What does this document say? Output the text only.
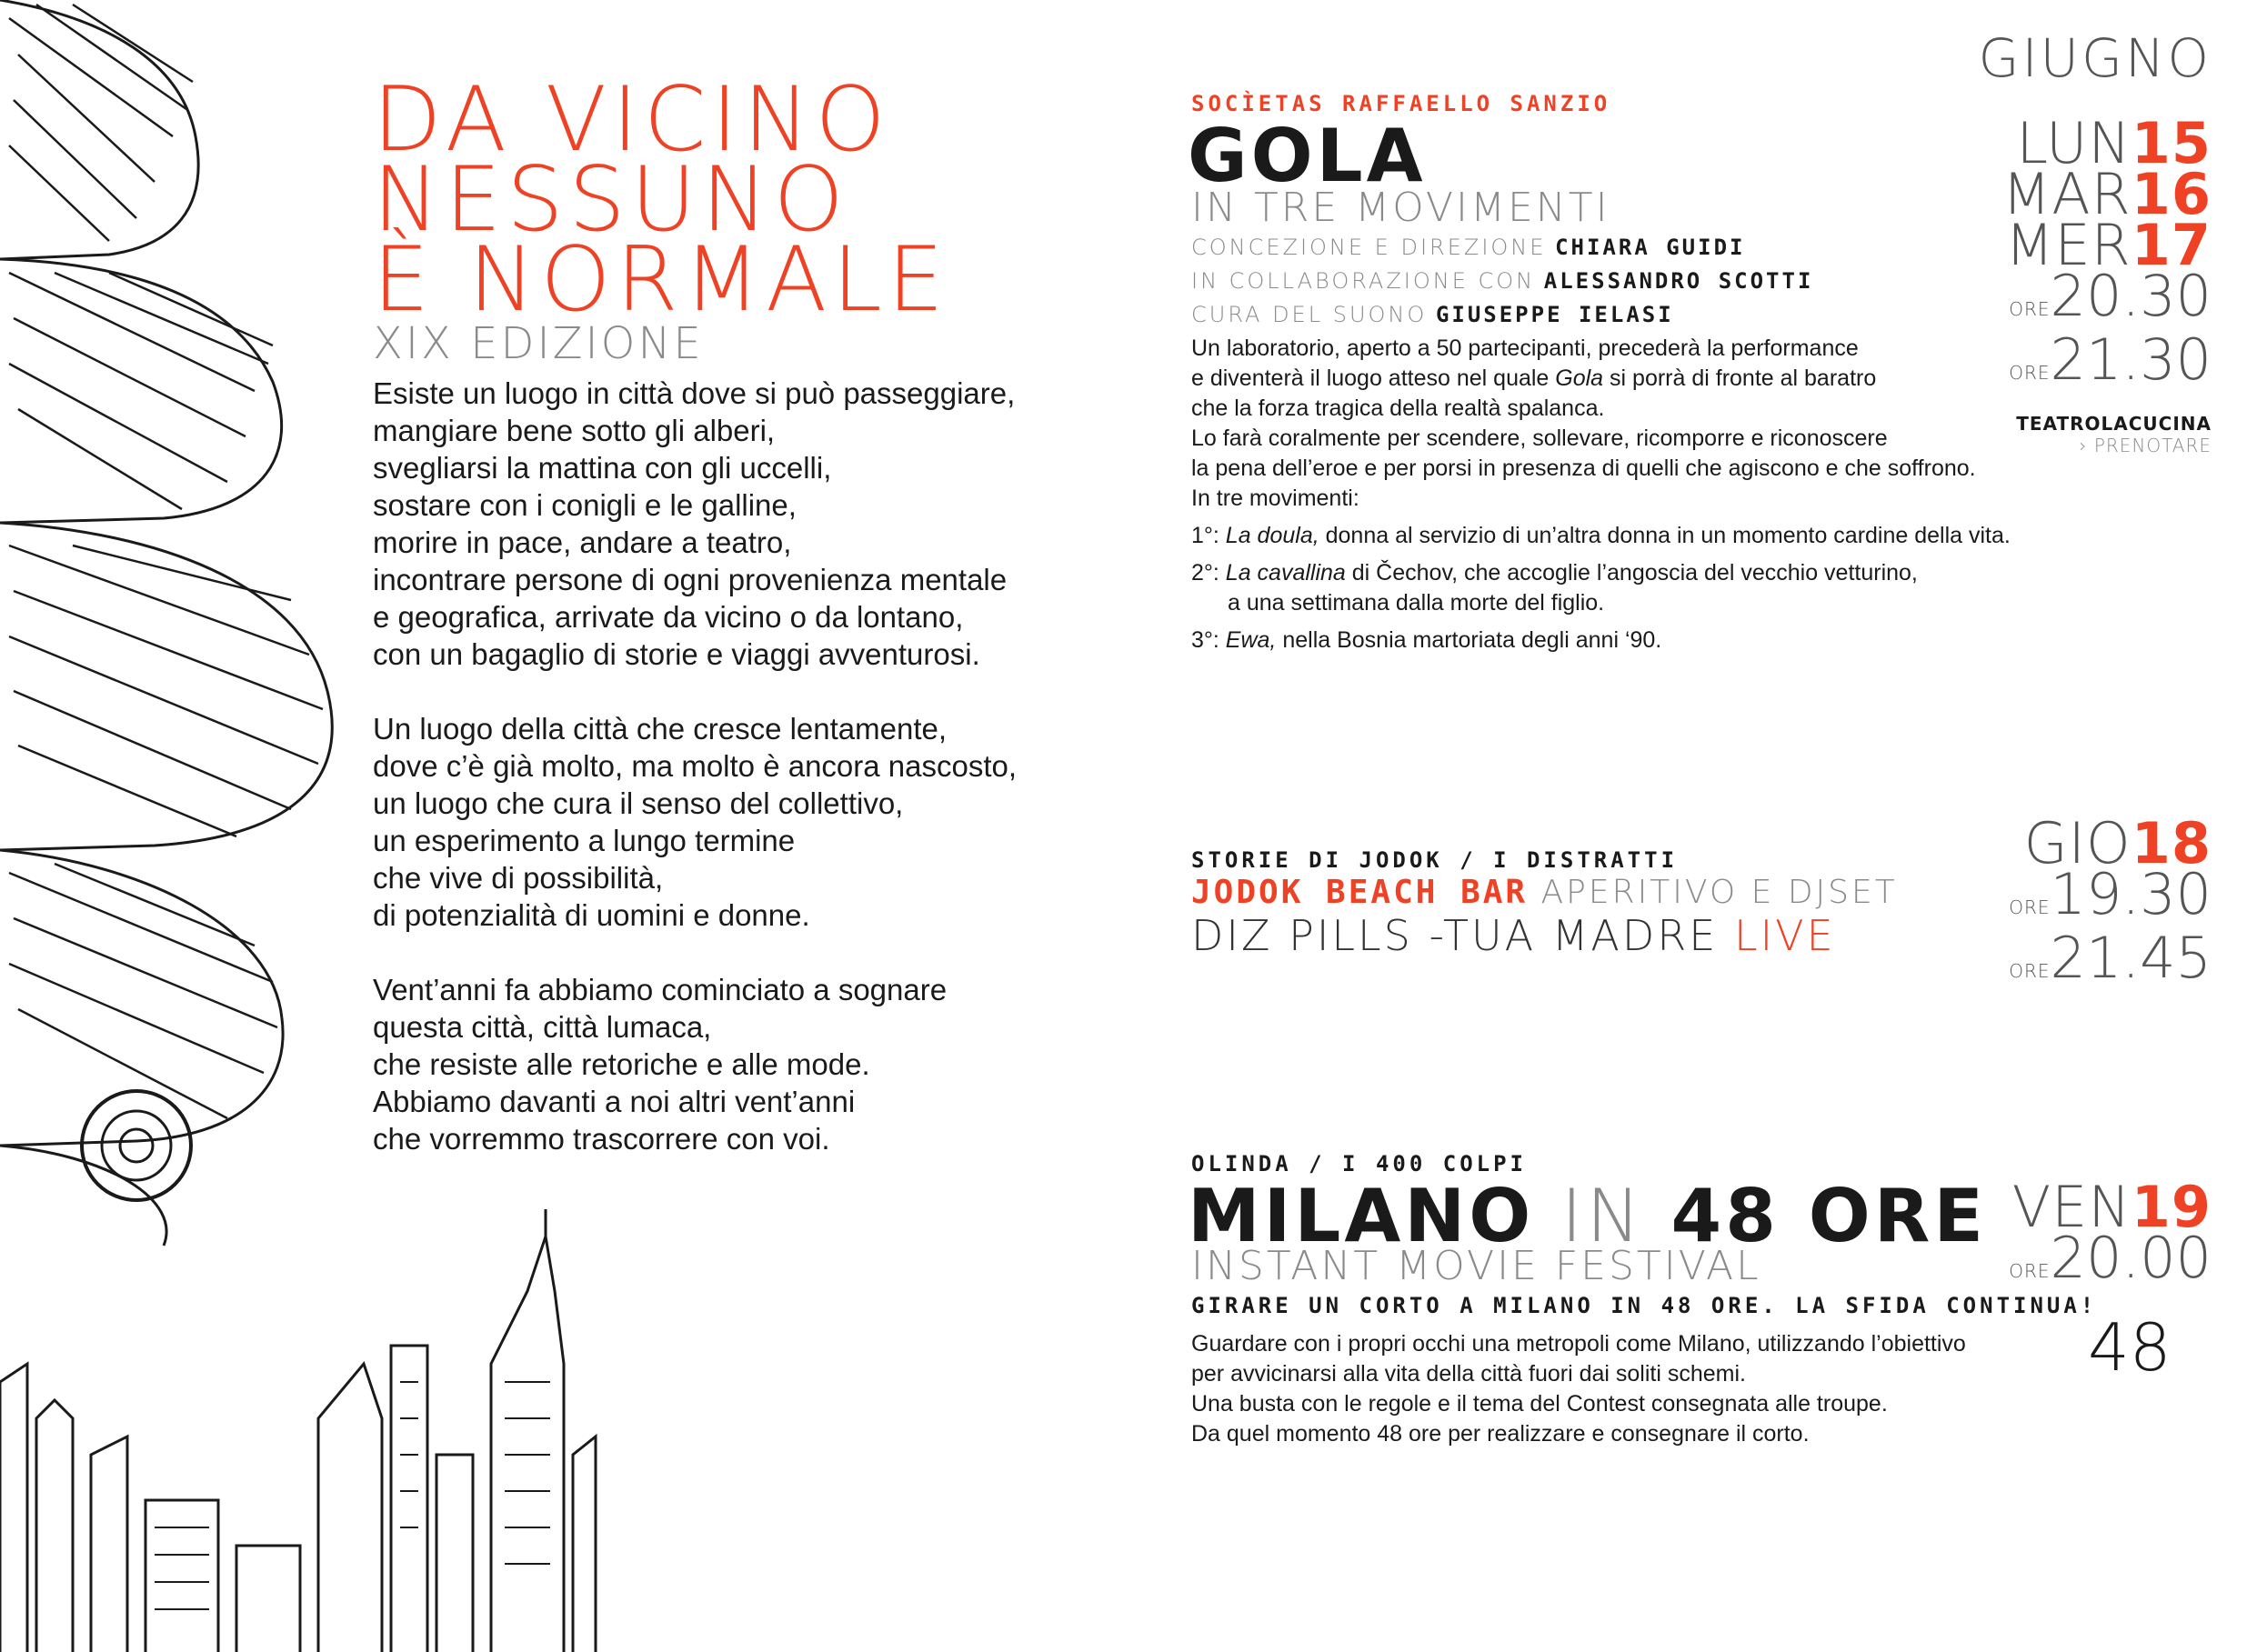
DA VICINO
NESSUNO
È NORMALE
XIX EDIZIONE

Esiste un luogo in città dove si può passeggiare,
mangiare bene sotto gli alberi,
svegliarsi la mattina con gli uccelli,
sostare con i conigli e le galline,
morire in pace, andare a teatro,
incontrare persone di ogni provenienza mentale
e geografica, arrivate da vicino o da lontano,
con un bagaglio di storie e viaggi avventurosi.

Un luogo della città che cresce lentamente,
dove c’è già molto, ma molto è ancora nascosto,
un luogo che cura il senso del collettivo,
un esperimento a lungo termine
che vive di possibilità,
di potenzialità di uomini e donne.

Vent’anni fa abbiamo cominciato a sognare
questa città, città lumaca,
che resiste alle retoriche e alle mode.
Abbiamo davanti a noi altri vent’anni
che vorremmo trascorrere con voi.

GIUGNO
SOCÌETAS RAFFAELLO SANZIO
GOLA
IN TRE MOVIMENTI
CONCEZIONE E DIREZIONE CHIARA GUIDI
IN COLLABORAZIONE CON ALESSANDRO SCOTTI
CURA DEL SUONO GIUSEPPE IELASI
Un laboratorio, aperto a 50 partecipanti, precederà la performance
e diventerà il luogo atteso nel quale Gola si porrà di fronte al baratro
che la forza tragica della realtà spalanca.
Lo farà coralmente per scendere, sollevare, ricomporre e riconoscere
la pena dell’eroe e per porsi in presenza di quelli che agiscono e che soffrono.
In tre movimenti:
1°: La doula, donna al servizio di un’altra donna in un momento cardine della vita.
2°: La cavallina di Čechov, che accoglie l’angoscia del vecchio vetturino,
a una settimana dalla morte del figlio.
3°: Ewa, nella Bosnia martoriata degli anni ‘90.
LUN15
MAR16
MER17
ORE20.30
ORE21.30
TEATROLACUCINA
› PRENOTARE
STORIE DI JODOK / I DISTRATTI
JODOK BEACH BAR APERITIVO E DJSET
DIZ PILLS -TUA MADRE LIVE
GIO18
ORE19.30
ORE21.45
OLINDA / I 400 COLPI
MILANO IN 48 ORE
INSTANT MOVIE FESTIVAL
GIRARE UN CORTO A MILANO IN 48 ORE. LA SFIDA CONTINUA!
Guardare con i propri occhi una metropoli come Milano, utilizzando l’obiettivo
per avvicinarsi alla vita della città fuori dai soliti schemi.
Una busta con le regole e il tema del Contest consegnata alle troupe.
Da quel momento 48 ore per realizzare e consegnare il corto.
VEN19
ORE20.00
48
